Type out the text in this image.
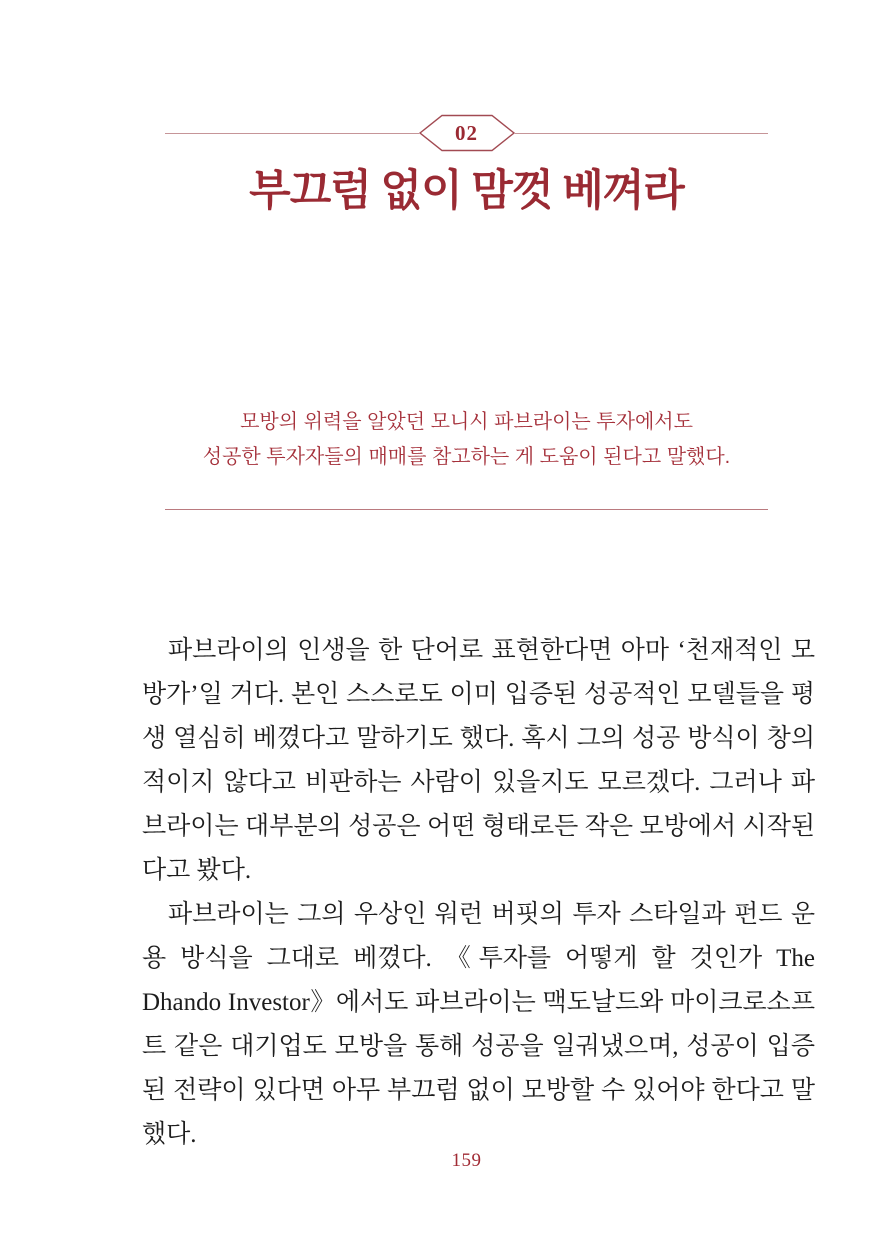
02
부끄럼 없이 맘껏 베껴라
모방의 위력을 알았던 모니시 파브라이는 투자에서도
성공한 투자자들의 매매를 참고하는 게 도움이 된다고 말했다.

파브라이의 인생을 한 단어로 표현한다면 아마 ‘천재적인 모방가’일 거다. 본인 스스로도 이미 입증된 성공적인 모델들을 평생 열심히 베꼈다고 말하기도 했다. 혹시 그의 성공 방식이 창의적이지 않다고 비판하는 사람이 있을지도 모르겠다. 그러나 파브라이는 대부분의 성공은 어떤 형태로든 작은 모방에서 시작된다고 봤다.

파브라이는 그의 우상인 워런 버핏의 투자 스타일과 펀드 운용 방식을 그대로 베꼈다. 《투자를 어떻게 할 것인가 The Dhando Investor》에서도 파브라이는 맥도날드와 마이크로소프트 같은 대기업도 모방을 통해 성공을 일궈냈으며, 성공이 입증된 전략이 있다면 아무 부끄럼 없이 모방할 수 있어야 한다고 말했다.

159
